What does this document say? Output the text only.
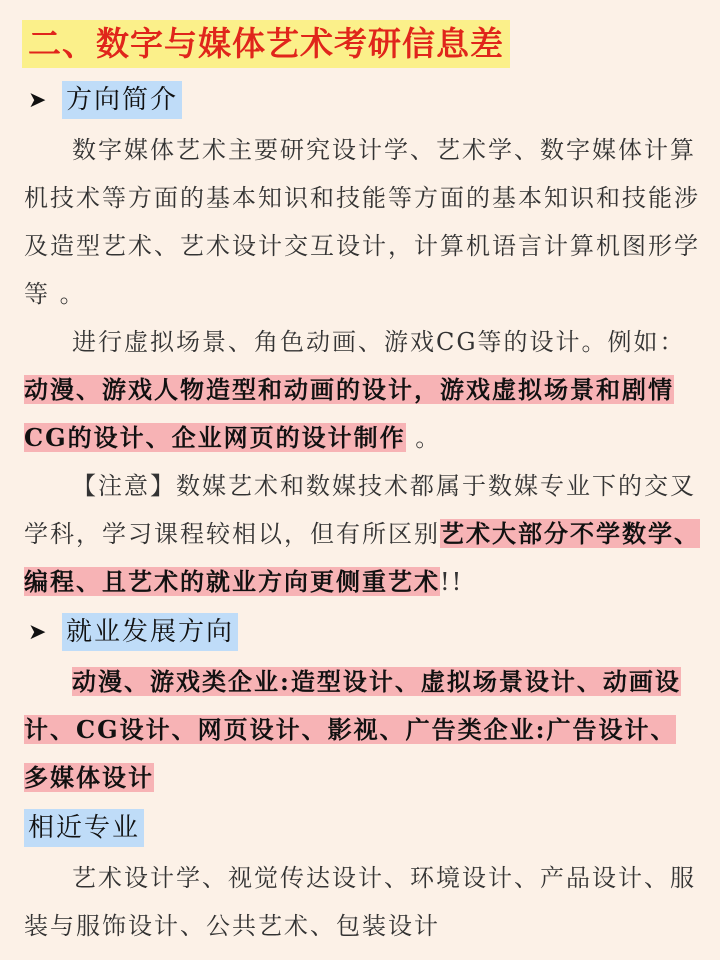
二、数字与媒体艺术考研信息差
➤ 方向简介

数字媒体艺术主要研究设计学、艺术学、数字媒体计算机技术等方面的基本知识和技能等方面的基本知识和技能涉及造型艺术、艺术设计交互设计，计算机语言计算机图形学等 。

进行虚拟场景、角色动画、游戏CG等的设计。例如：动漫、游戏人物造型和动画的设计，游戏虚拟场景和剧情CG的设计、企业网页的设计制作 。

【注意】数媒艺术和数媒技术都属于数媒专业下的交叉学科，学习课程较相以，但有所区别艺术大部分不学数学、编程、且艺术的就业方向更侧重艺术!!

➤ 就业发展方向

动漫、游戏类企业:造型设计、虚拟场景设计、动画设计、CG设计、网页设计、影视、广告类企业:广告设计、多媒体设计

相近专业

艺术设计学、视觉传达设计、环境设计、产品设计、服装与服饰设计、公共艺术、包装设计
